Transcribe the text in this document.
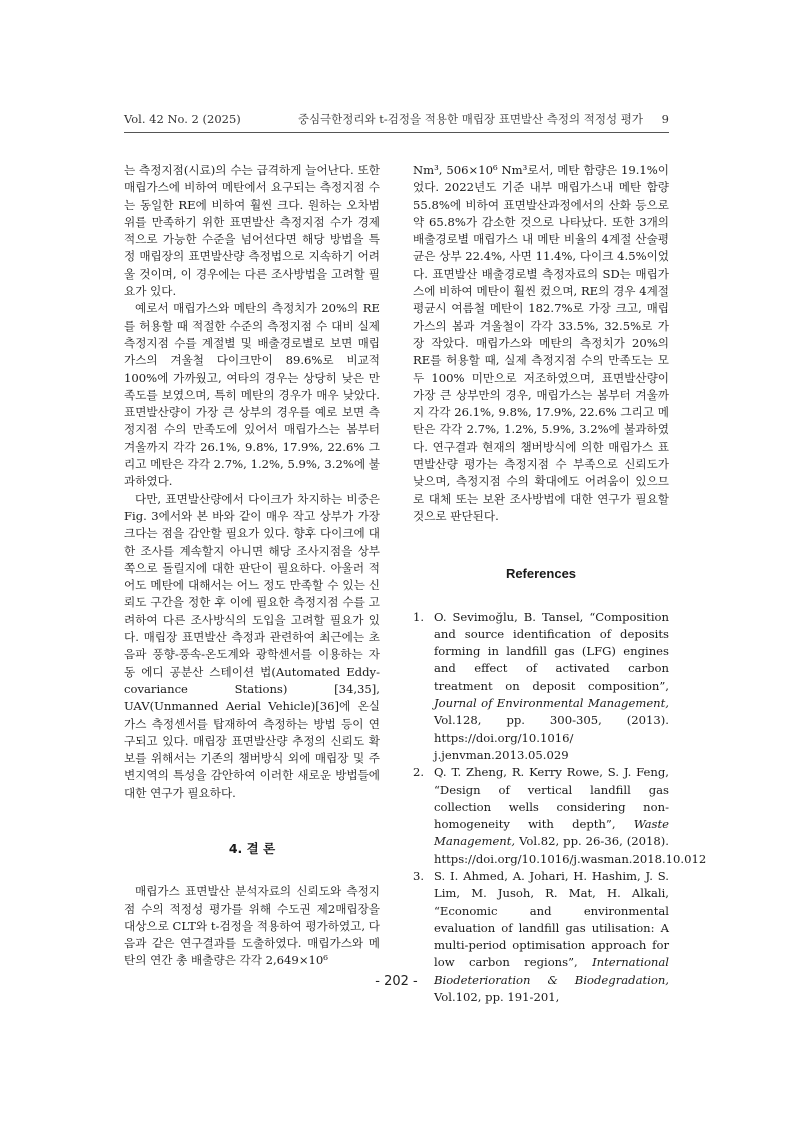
Vol. 42 No. 2 (2025)	중심극한정리와 t-검정을 적용한 매립장 표면발산 측정의 적정성 평가 9

는 측정지점(시료)의 수는 급격하게 늘어난다. 또한 매립가스에 비하여 메탄에서 요구되는 측정지점 수는 동일한 RE에 비하여 훨씬 크다. 원하는 오차범위를 만족하기 위한 표면발산 측정지점 수가 경제적으로 가능한 수준을 넘어선다면 해당 방법을 특정 매립장의 표면발산량 측정법으로 지속하기 어려울 것이며, 이 경우에는 다른 조사방법을 고려할 필요가 있다.

예로서 매립가스와 메탄의 측정치가 20%의 RE를 허용할 때 적절한 수준의 측정지점 수 대비 실제 측정지점 수를 계절별 및 배출경로별로 보면 매립가스의 겨울철 다이크만이 89.6%로 비교적 100%에 가까웠고, 여타의 경우는 상당히 낮은 만족도를 보였으며, 특히 메탄의 경우가 매우 낮았다. 표면발산량이 가장 큰 상부의 경우를 예로 보면 측정지점 수의 만족도에 있어서 매립가스는 봄부터 겨울까지 각각 26.1%, 9.8%, 17.9%, 22.6% 그리고 메탄은 각각 2.7%, 1.2%, 5.9%, 3.2%에 불과하였다.

다만, 표면발산량에서 다이크가 차지하는 비중은 Fig. 3에서와 본 바와 같이 매우 작고 상부가 가장 크다는 점을 감안할 필요가 있다. 향후 다이크에 대한 조사를 계속할지 아니면 해당 조사지점을 상부쪽으로 돌릴지에 대한 판단이 필요하다. 아울러 적어도 메탄에 대해서는 어느 정도 만족할 수 있는 신뢰도 구간을 정한 후 이에 필요한 측정지점 수를 고려하여 다른 조사방식의 도입을 고려할 필요가 있다. 매립장 표면발산 측정과 관련하여 최근에는 초음파 풍향-풍속-온도계와 광학센서를 이용하는 자동 에디 공분산 스테이션 법(Automated Eddy-covariance Stations) [34,35], UAV(Unmanned Aerial Vehicle)[36]에 온실가스 측정센서를 탑재하여 측정하는 방법 등이 연구되고 있다. 매립장 표면발산량 추정의 신뢰도 확보를 위해서는 기존의 챔버방식 외에 매립장 및 주변지역의 특성을 감안하여 이러한 새로운 방법들에 대한 연구가 필요하다.

4. 결 론

매립가스 표면발산 분석자료의 신뢰도와 측정지점 수의 적정성 평가를 위해 수도권 제2매립장을 대상으로 CLT와 t-검정을 적용하여 평가하였고, 다음과 같은 연구결과를 도출하였다. 매립가스와 메탄의 연간 총 배출량은 각각 2,649×10⁶

Nm³, 506×10⁶ Nm³로서, 메탄 함량은 19.1%이었다. 2022년도 기준 내부 매립가스내 메탄 함량 55.8%에 비하여 표면발산과정에서의 산화 등으로 약 65.8%가 감소한 것으로 나타났다. 또한 3개의 배출경로별 매립가스 내 메탄 비율의 4계절 산술평균은 상부 22.4%, 사면 11.4%, 다이크 4.5%이었다. 표면발산 배출경로별 측정자료의 SD는 매립가스에 비하여 메탄이 훨씬 컸으며, RE의 경우 4계절 평균시 여름철 메탄이 182.7%로 가장 크고, 매립가스의 봄과 겨울철이 각각 33.5%, 32.5%로 가장 작았다. 매립가스와 메탄의 측정치가 20%의 RE를 허용할 때, 실제 측정지점 수의 만족도는 모두 100% 미만으로 저조하였으며, 표면발산량이 가장 큰 상부만의 경우, 매립가스는 봄부터 겨울까지 각각 26.1%, 9.8%, 17.9%, 22.6% 그리고 메탄은 각각 2.7%, 1.2%, 5.9%, 3.2%에 불과하였다. 연구결과 현재의 챔버방식에 의한 매립가스 표면발산량 평가는 측정지점 수 부족으로 신뢰도가 낮으며, 측정지점 수의 확대에도 어려움이 있으므로 대체 또는 보완 조사방법에 대한 연구가 필요할 것으로 판단된다.

References
1. O. Sevimoğlu, B. Tansel, “Composition and source identification of deposits forming in landfill gas (LFG) engines and effect of activated carbon treatment on deposit composition”, Journal of Environmental Management, Vol.128, pp. 300-305, (2013). https://doi.org/10.1016/ j.jenvman.2013.05.029
2. Q. T. Zheng, R. Kerry Rowe, S. J. Feng, “Design of vertical landfill gas collection wells considering non-homogeneity with depth”, Waste Management, Vol.82, pp. 26-36, (2018). https://doi.org/10.1016/j.wasman.2018.10.012
3. S. I. Ahmed, A. Johari, H. Hashim, J. S. Lim, M. Jusoh, R. Mat, H. Alkali, “Economic and environmental evaluation of landfill gas utilisation: A multi-period optimisation approach for low carbon regions”, International Biodeterioration & Biodegradation, Vol.102, pp. 191-201,
- 202 -
